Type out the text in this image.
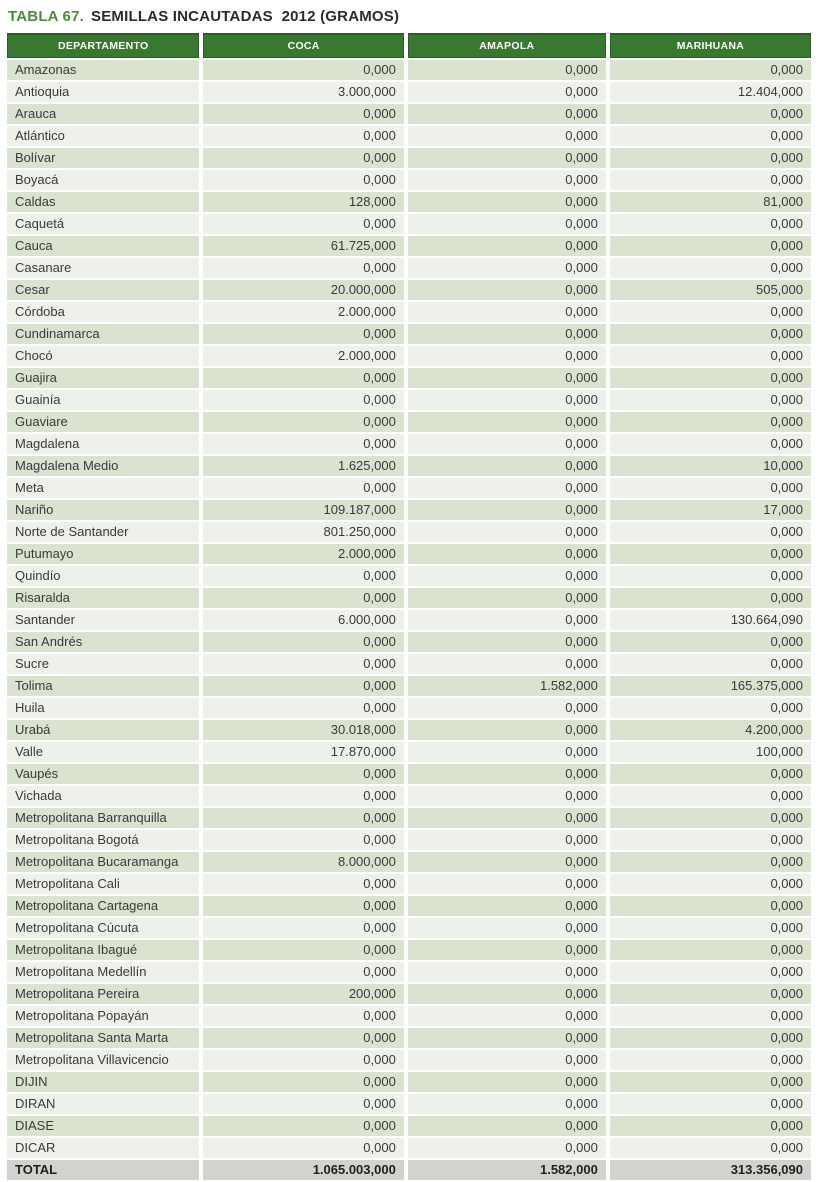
TABLA 67. SEMILLAS INCAUTADAS  2012 (GRAMOS)
DEPARTAMENTO	COCA	AMAPOLA	MARIHUANA
Amazonas	0,000	0,000	0,000
Antioquia	3.000,000	0,000	12.404,000
Arauca	0,000	0,000	0,000
Atlántico	0,000	0,000	0,000
Bolívar	0,000	0,000	0,000
Boyacá	0,000	0,000	0,000
Caldas	128,000	0,000	81,000
Caquetá	0,000	0,000	0,000
Cauca	61.725,000	0,000	0,000
Casanare	0,000	0,000	0,000
Cesar	20.000,000	0,000	505,000
Córdoba	2.000,000	0,000	0,000
Cundinamarca	0,000	0,000	0,000
Chocó	2.000,000	0,000	0,000
Guajira	0,000	0,000	0,000
Guainía	0,000	0,000	0,000
Guaviare	0,000	0,000	0,000
Magdalena	0,000	0,000	0,000
Magdalena Medio	1.625,000	0,000	10,000
Meta	0,000	0,000	0,000
Nariño	109.187,000	0,000	17,000
Norte de Santander	801.250,000	0,000	0,000
Putumayo	2.000,000	0,000	0,000
Quindío	0,000	0,000	0,000
Risaralda	0,000	0,000	0,000
Santander	6.000,000	0,000	130.664,090
San Andrés	0,000	0,000	0,000
Sucre	0,000	0,000	0,000
Tolima	0,000	1.582,000	165.375,000
Huila	0,000	0,000	0,000
Urabá	30.018,000	0,000	4.200,000
Valle	17.870,000	0,000	100,000
Vaupés	0,000	0,000	0,000
Vichada	0,000	0,000	0,000
Metropolitana Barranquilla	0,000	0,000	0,000
Metropolitana Bogotá	0,000	0,000	0,000
Metropolitana Bucaramanga	8.000,000	0,000	0,000
Metropolitana Cali	0,000	0,000	0,000
Metropolitana Cartagena	0,000	0,000	0,000
Metropolitana Cúcuta	0,000	0,000	0,000
Metropolitana Ibagué	0,000	0,000	0,000
Metropolitana Medellín	0,000	0,000	0,000
Metropolitana Pereira	200,000	0,000	0,000
Metropolitana Popayán	0,000	0,000	0,000
Metropolitana Santa Marta	0,000	0,000	0,000
Metropolitana Villavicencio	0,000	0,000	0,000
DIJIN	0,000	0,000	0,000
DIRAN	0,000	0,000	0,000
DIASE	0,000	0,000	0,000
DICAR	0,000	0,000	0,000
TOTAL	1.065.003,000	1.582,000	313.356,090
